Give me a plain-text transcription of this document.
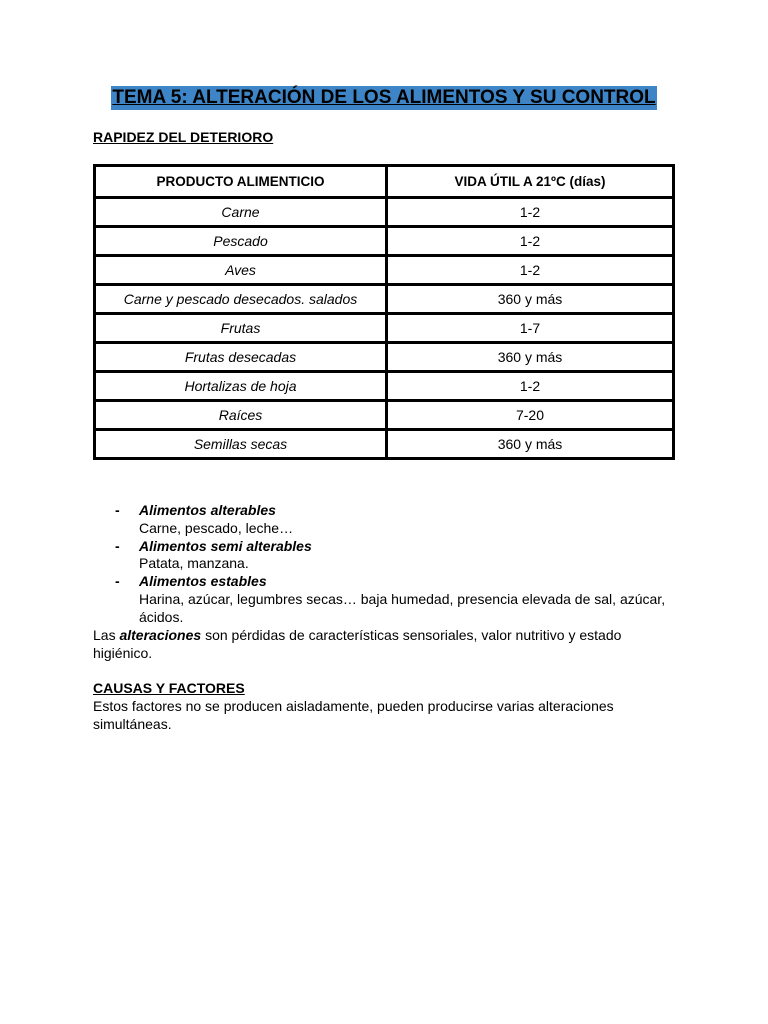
TEMA 5: ALTERACIÓN DE LOS ALIMENTOS Y SU CONTROL
RAPIDEZ DEL DETERIORO
PRODUCTO ALIMENTICIO	VIDA ÚTIL A 21ºC (días)
Carne	1-2
Pescado	1-2
Aves	1-2
Carne y pescado desecados. salados	360 y más
Frutas	1-7
Frutas desecadas	360 y más
Hortalizas de hoja	1-2
Raíces	7-20
Semillas secas	360 y más
- Alimentos alterables
Carne, pescado, leche…
- Alimentos semi alterables
Patata, manzana.
- Alimentos estables
Harina, azúcar, legumbres secas… baja humedad, presencia elevada de sal, azúcar, ácidos.
Las alteraciones son pérdidas de características sensoriales, valor nutritivo y estado higiénico.
CAUSAS Y FACTORES
Estos factores no se producen aisladamente, pueden producirse varias alteraciones simultáneas.
